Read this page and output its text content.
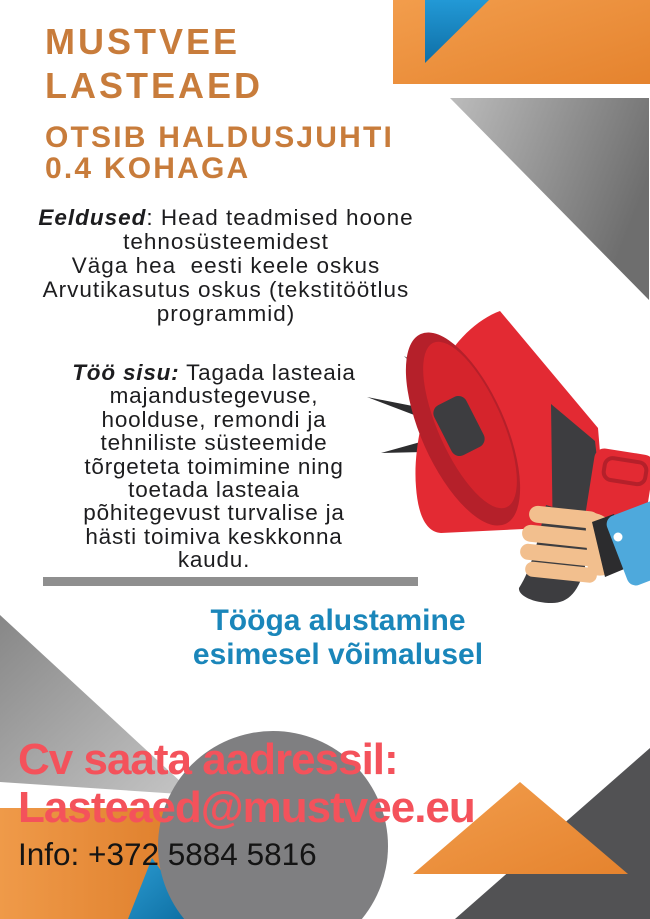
MUSTVEE
LASTEAED
OTSIB HALDUSJUHTI
0.4 KOHAGA
Eeldused: Head teadmised hoone
tehnosüsteemidest
Väga hea  eesti keele oskus
Arvutikasutus oskus (tekstitöötlus
programmid)
Töö sisu: Tagada lasteaia
majandustegevuse,
hoolduse, remondi ja
tehniliste süsteemide
tõrgeteta toimimine ning
toetada lasteaia
põhitegevust turvalise ja
hästi toimiva keskkonna
kaudu.
Tööga alustamine
esimesel võimalusel
Cv saata aadressil:
Lasteaed@mustvee.eu
Info: +372 5884 5816
